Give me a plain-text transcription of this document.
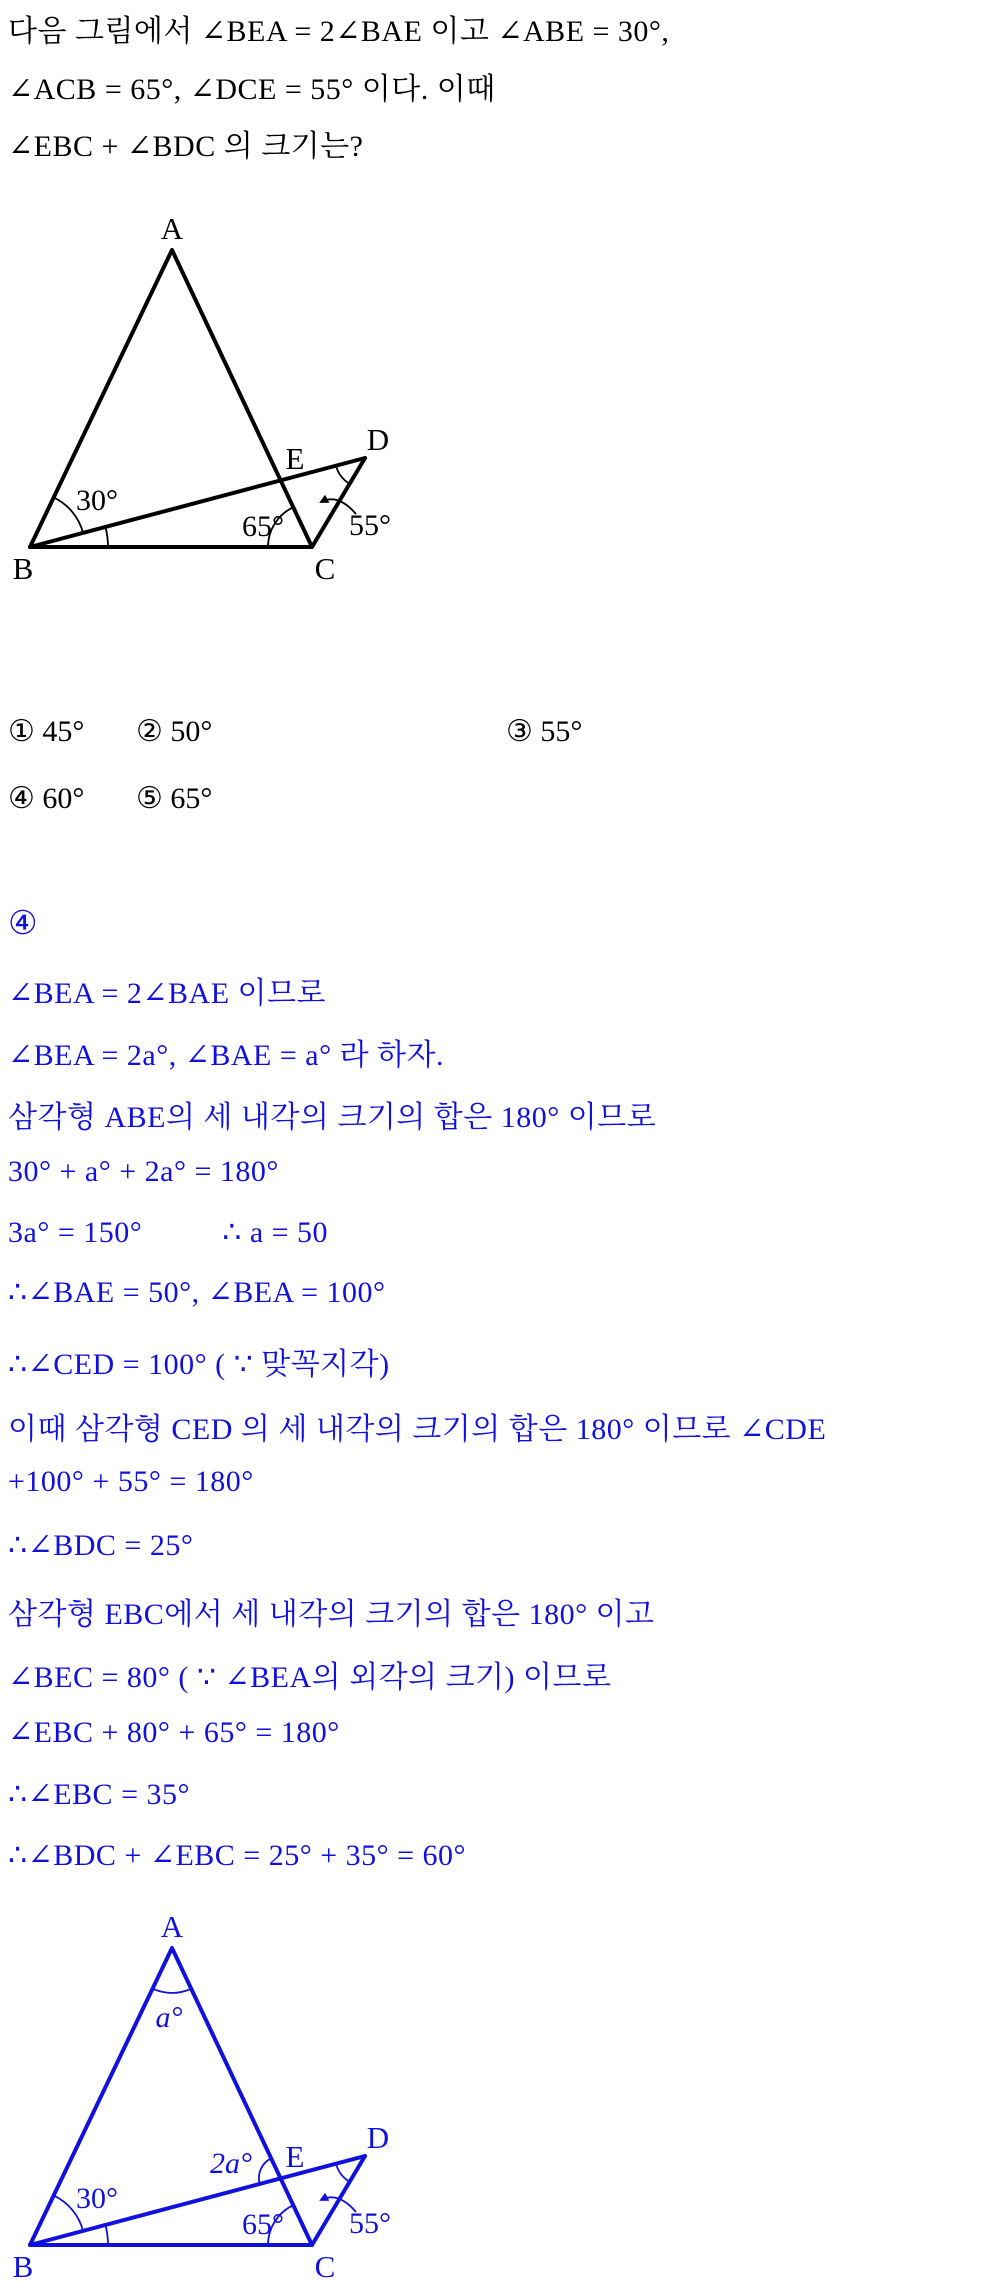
다음 그림에서 ∠BEA = 2∠BAE 이고 ∠ABE = 30°,
∠ACB = 65°, ∠DCE = 55° 이다. 이때
∠EBC + ∠BDC 의 크기는?
A
B	C
D
E
30°
65° 55°
① 45° ② 50°	③ 55°
④ 60° ⑤ 65°
④
∠BEA = 2∠BAE 이므로
∠BEA = 2a°, ∠BAE = a° 라 하자.
삼각형 ABE의 세 내각의 크기의 합은 180° 이므로
30° + a° + 2a° = 180°
3a° = 150°          ∴ a = 50
∴∠BAE = 50°, ∠BEA = 100°
∴∠CED = 100° ( ∵ 맞꼭지각)
이때 삼각형 CED 의 세 내각의 크기의 합은 180° 이므로 ∠CDE
+100° + 55° = 180°
∴∠BDC = 25°
삼각형 EBC에서 세 내각의 크기의 합은 180° 이고
∠BEC = 80° ( ∵ ∠BEA의 외각의 크기) 이므로
∠EBC + 80° + 65° = 180°
∴∠EBC = 35°
∴∠BDC + ∠EBC = 25° + 35° = 60°
A
B	C
D
E
a°
2a°
30°
65° 55°
